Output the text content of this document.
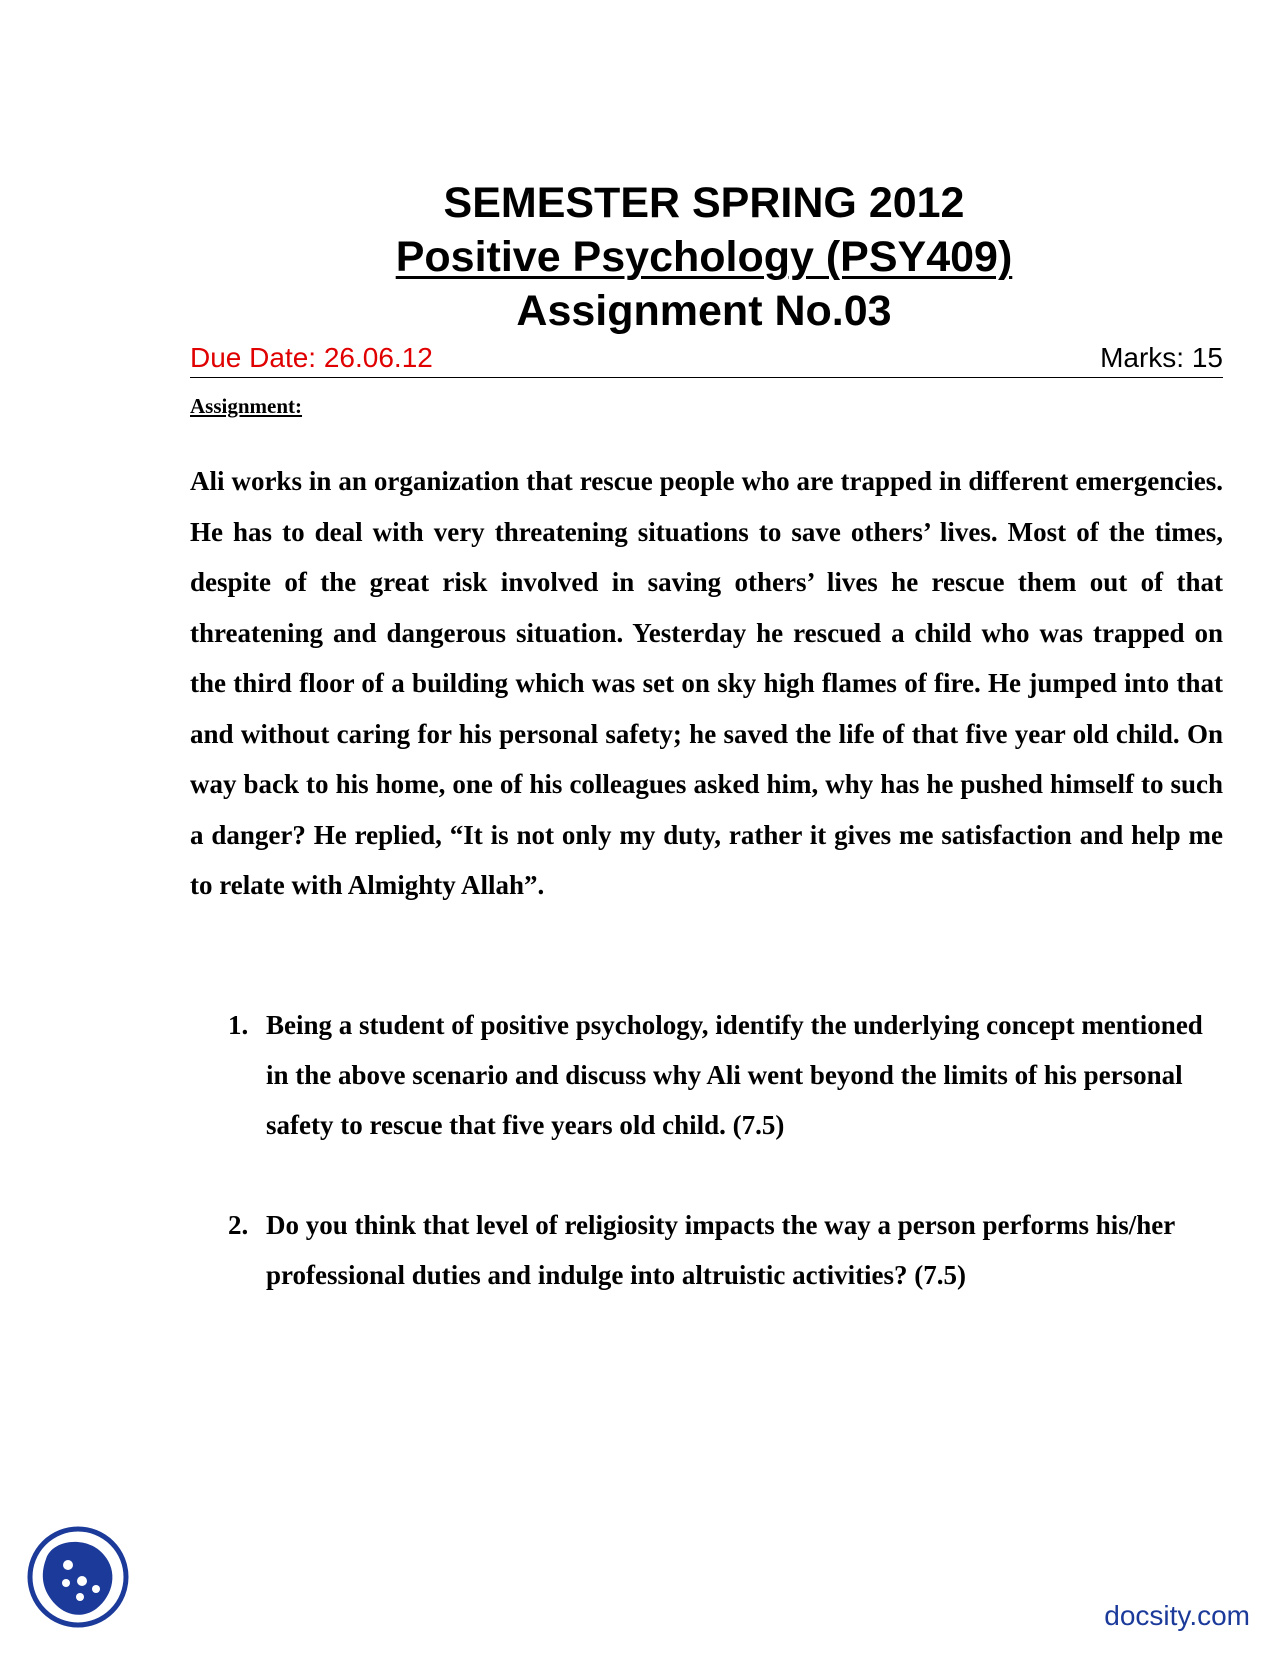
SEMESTER SPRING 2012
Positive Psychology (PSY409)
Assignment No.03
Due Date: 26.06.12	Marks: 15
Assignment:

Ali works in an organization that rescue people who are trapped in different emergencies. He has to deal with very threatening situations to save others’ lives. Most of the times, despite of the great risk involved in saving others’ lives he rescue them out of that threatening and dangerous situation. Yesterday he rescued a child who was trapped on the third floor of a building which was set on sky high flames of fire. He jumped into that and without caring for his personal safety; he saved the life of that five year old child. On way back to his home, one of his colleagues asked him, why has he pushed himself to such a danger? He replied, “It is not only my duty, rather it gives me satisfaction and help me to relate with Almighty Allah”.

1. Being a student of positive psychology, identify the underlying concept mentioned in the above scenario and discuss why Ali went beyond the limits of his personal safety to rescue that five years old child. (7.5)
2. Do you think that level of religiosity impacts the way a person performs his/her professional duties and indulge into altruistic activities? (7.5)
docsity.com
